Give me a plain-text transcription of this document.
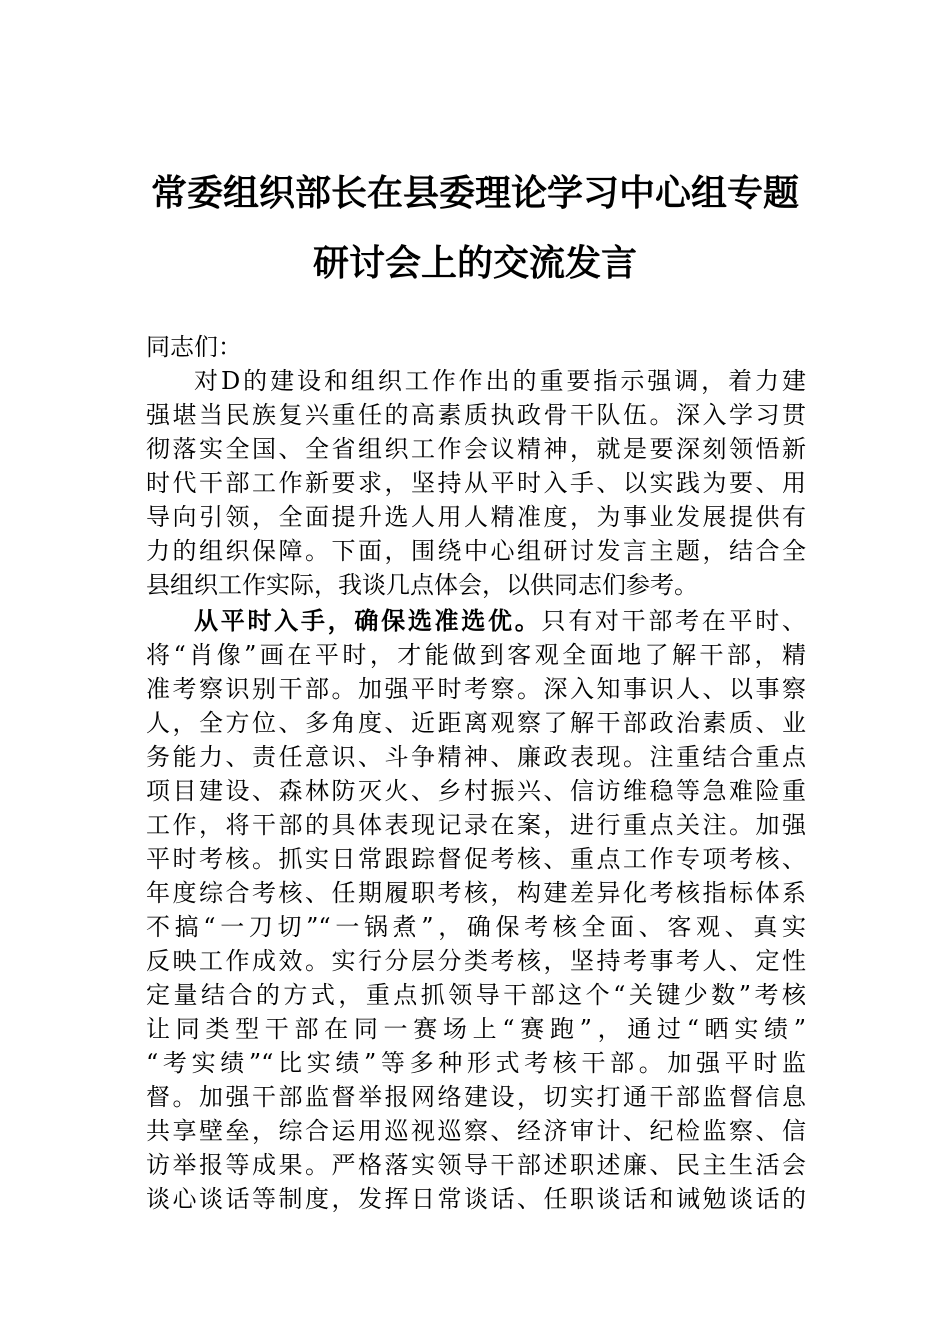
常委组织部长在县委理论学习中心组专题
研讨会上的交流发言

同志们：

对D的建设和组织工作作出的重要指示强调，着力建

强堪当民族复兴重任的高素质执政骨干队伍。深入学习贯

彻落实全国、全省组织工作会议精神，就是要深刻领悟新

时代干部工作新要求，坚持从平时入手、以实践为要、用

导向引领，全面提升选人用人精准度，为事业发展提供有

力的组织保障。下面，围绕中心组研讨发言主题，结合全

县组织工作实际，我谈几点体会，以供同志们参考。

从平时入手，确保选准选优。只有对干部考在平时、

将“肖像”画在平时，才能做到客观全面地了解干部，精

准考察识别干部。加强平时考察。深入知事识人、以事察

人，全方位、多角度、近距离观察了解干部政治素质、业

务能力、责任意识、斗争精神、廉政表现。注重结合重点

项目建设、森林防灭火、乡村振兴、信访维稳等急难险重

工作，将干部的具体表现记录在案，进行重点关注。加强

平时考核。抓实日常跟踪督促考核、重点工作专项考核、

年度综合考核、任期履职考核，构建差异化考核指标体系

不搞“一刀切”“一锅煮”，确保考核全面、客观、真实

反映工作成效。实行分层分类考核，坚持考事考人、定性

定量结合的方式，重点抓领导干部这个“关键少数”考核

让同类型干部在同一赛场上“赛跑”，通过“晒实绩”

“考实绩”“比实绩”等多种形式考核干部。加强平时监

督。加强干部监督举报网络建设，切实打通干部监督信息

共享壁垒，综合运用巡视巡察、经济审计、纪检监察、信

访举报等成果。严格落实领导干部述职述廉、民主生活会

谈心谈话等制度，发挥日常谈话、任职谈话和诫勉谈话的
